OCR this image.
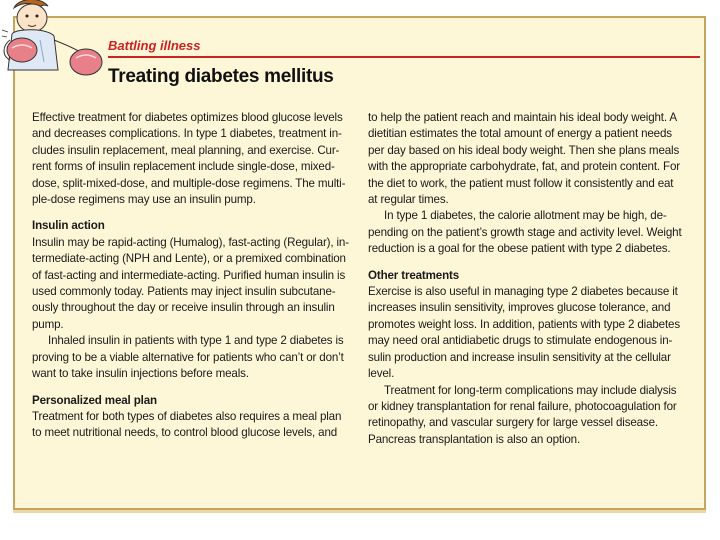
Battling illness
Treating diabetes mellitus
Effective treatment for diabetes optimizes blood glucose levels
and decreases complications. In type 1 diabetes, treatment in-
cludes insulin replacement, meal planning, and exercise. Cur-
rent forms of insulin replacement include single-dose, mixed-
dose, split-mixed-dose, and multiple-dose regimens. The multi-
ple-dose regimens may use an insulin pump.
Insulin action
Insulin may be rapid-acting (Humalog), fast-acting (Regular), in-
termediate-acting (NPH and Lente), or a premixed combination
of fast-acting and intermediate-acting. Purified human insulin is
used commonly today. Patients may inject insulin subcutane-
ously throughout the day or receive insulin through an insulin
pump.
Inhaled insulin in patients with type 1 and type 2 diabetes is
proving to be a viable alternative for patients who can’t or don’t
want to take insulin injections before meals.
Personalized meal plan
Treatment for both types of diabetes also requires a meal plan
to meet nutritional needs, to control blood glucose levels, and
to help the patient reach and maintain his ideal body weight. A
dietitian estimates the total amount of energy a patient needs
per day based on his ideal body weight. Then she plans meals
with the appropriate carbohydrate, fat, and protein content. For
the diet to work, the patient must follow it consistently and eat
at regular times.
In type 1 diabetes, the calorie allotment may be high, de-
pending on the patient’s growth stage and activity level. Weight
reduction is a goal for the obese patient with type 2 diabetes.
Other treatments
Exercise is also useful in managing type 2 diabetes because it
increases insulin sensitivity, improves glucose tolerance, and
promotes weight loss. In addition, patients with type 2 diabetes
may need oral antidiabetic drugs to stimulate endogenous in-
sulin production and increase insulin sensitivity at the cellular
level.
Treatment for long-term complications may include dialysis
or kidney transplantation for renal failure, photocoagulation for
retinopathy, and vascular surgery for large vessel disease.
Pancreas transplantation is also an option.
